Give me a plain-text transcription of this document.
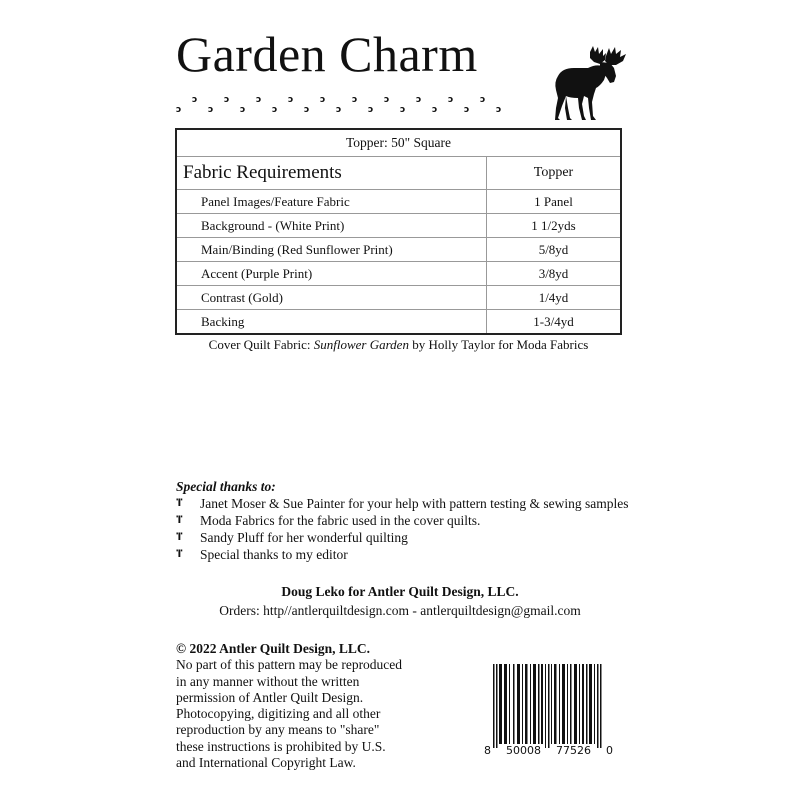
Garden Charm
ↄ
ↄ
ↄ
ↄ
ↄ
ↄ
ↄ
ↄ
ↄ
ↄ
ↄ
ↄ
ↄ
ↄ
ↄ
ↄ
ↄ
ↄ
ↄ
ↄ
ↄ
Topper: 50" Square	
Fabric Requirements	Topper
Panel Images/Feature Fabric	1 Panel
Background - (White Print)	1 1/2yds
Main/Binding (Red Sunflower Print)	5/8yd
Accent (Purple Print)	3/8yd
Contrast (Gold)	1/4yd
Backing	1-3/4yd
Cover Quilt Fabric: Sunflower Garden by Holly Taylor for Moda Fabrics
Special thanks to:
ⴶ Janet Moser & Sue Painter for your help with pattern testing & sewing samples
ⴶ Moda Fabrics for the fabric used in the cover quilts.
ⴶ Sandy Pluff for her wonderful quilting
ⴶ Special thanks to my editor
Doug Leko for Antler Quilt Design, LLC.
Orders: http//antlerquiltdesign.com - antlerquiltdesign@gmail.com
© 2022 Antler Quilt Design, LLC.
No part of this pattern may be reproduced
in any manner without the written
permission of Antler Quilt Design.
Photocopying, digitizing and all other
reproduction by any means to "share"
these instructions is prohibited by U.S.
and International Copyright Law.
8 50008 77526 0
